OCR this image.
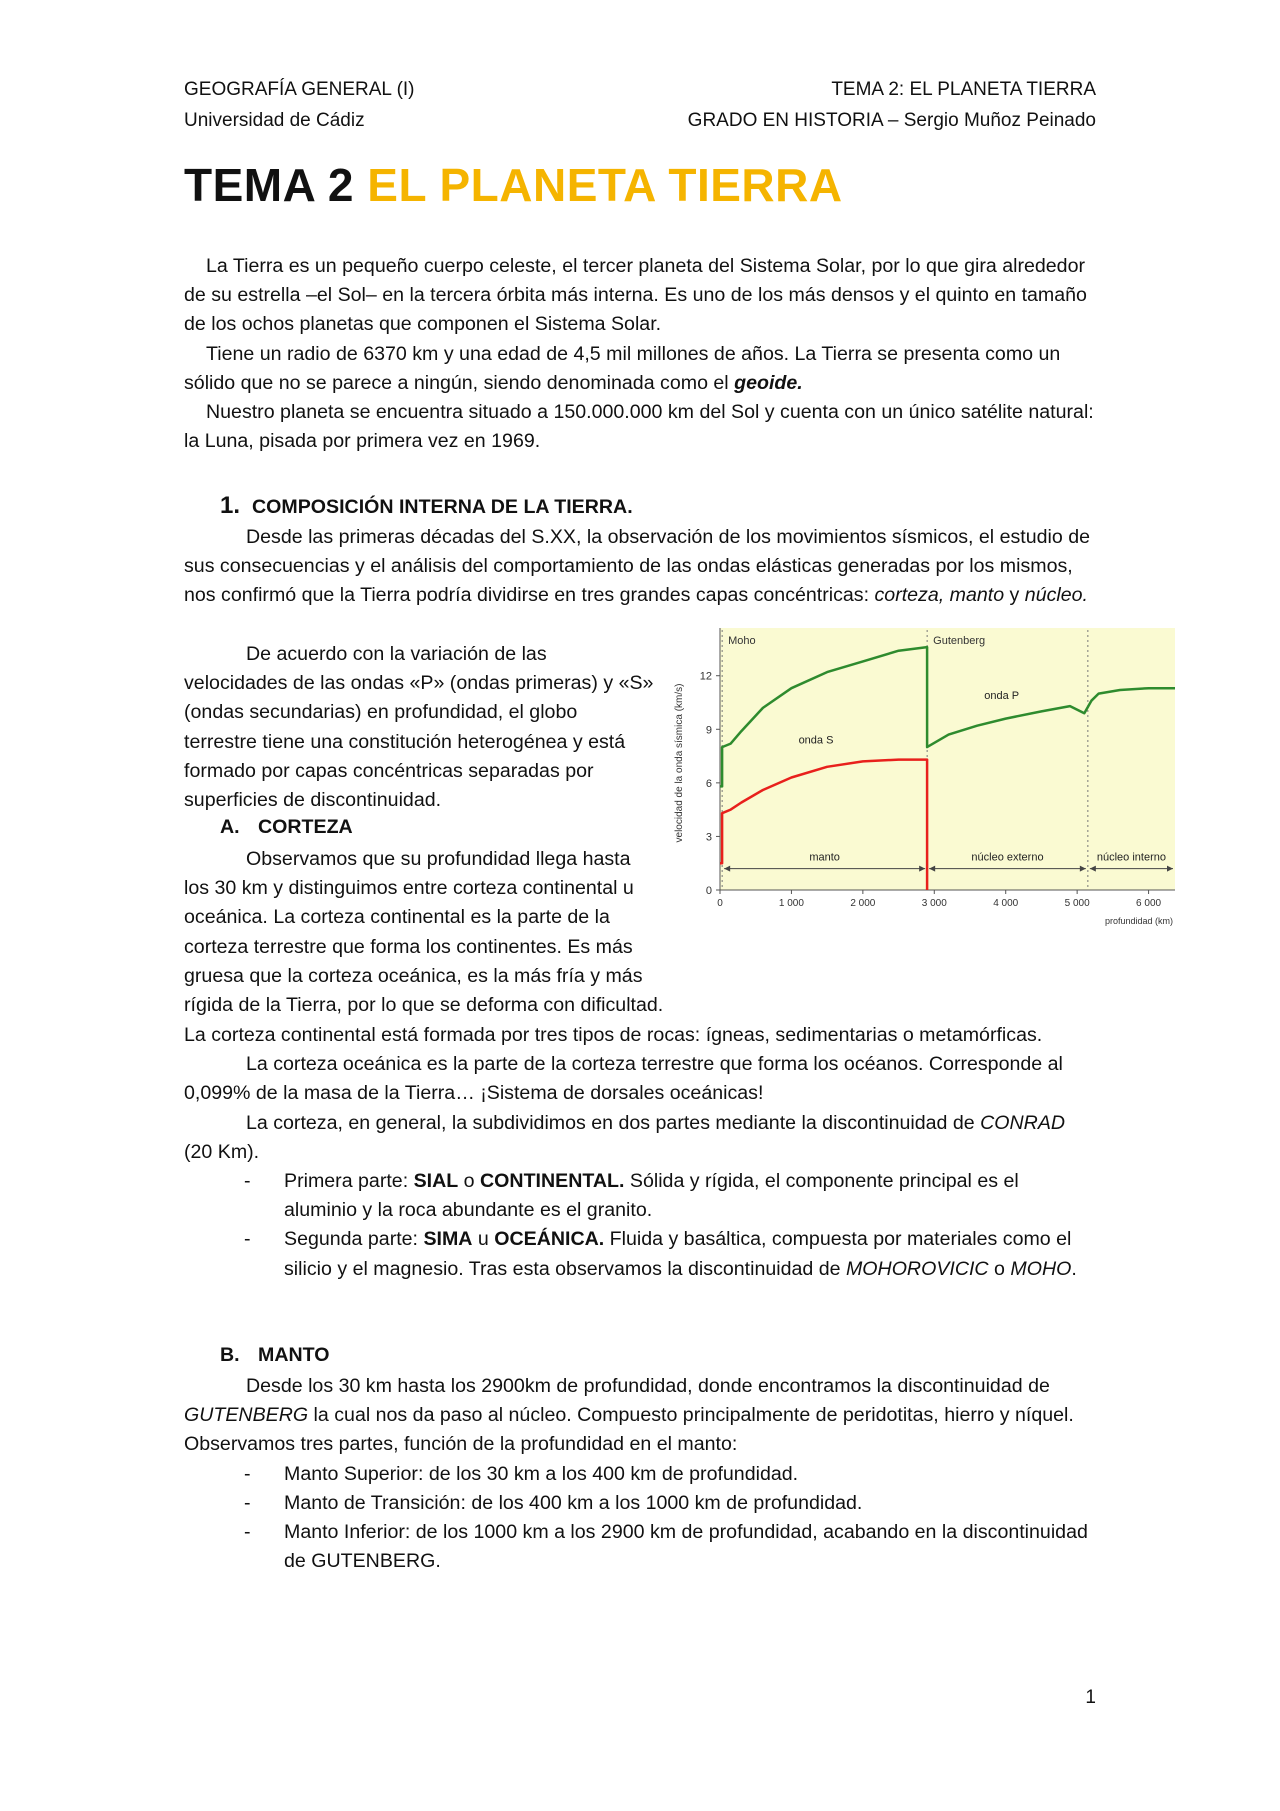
GEOGRAFÍA GENERAL (I)
Universidad de Cádiz
TEMA 2: EL PLANETA TIERRA
GRADO EN HISTORIA – Sergio Muñoz Peinado
TEMA 2 EL PLANETA TIERRA

La Tierra es un pequeño cuerpo celeste, el tercer planeta del Sistema Solar, por lo que gira alrededor de su estrella –el Sol– en la tercera órbita más interna. Es uno de los más densos y el quinto en tamaño de los ochos planetas que componen el Sistema Solar.

Tiene un radio de 6370 km y una edad de 4,5 mil millones de años. La Tierra se presenta como un sólido que no se parece a ningún, siendo denominada como el geoide.

Nuestro planeta se encuentra situado a 150.000.000 km del Sol y cuenta con un único satélite natural: la Luna, pisada por primera vez en 1969.

1. COMPOSICIÓN INTERNA DE LA TIERRA.

Desde las primeras décadas del S.XX, la observación de los movimientos sísmicos, el estudio de sus consecuencias y el análisis del comportamiento de las ondas elásticas generadas por los mismos, nos confirmó que la Tierra podría dividirse en tres grandes capas concéntricas: corteza, manto y núcleo.

De acuerdo con la variación de las velocidades de las ondas «P» (ondas primeras) y «S» (ondas secundarias) en profundidad, el globo terrestre tiene una constitución heterogénea y está formado por capas concéntricas separadas por superficies de discontinuidad.

A. CORTEZA

Observamos que su profundidad llega hasta los 30 km y distinguimos entre corteza continental u oceánica. La corteza continental es la parte de la corteza terrestre que forma los continentes. Es más gruesa que la corteza oceánica, es la más fría y más rígida de la Tierra, por lo que se deforma con dificultad.

Moho	Gutenberg
0
3
6
9
12
0	1 000	2 000	3 000	4 000	5 000	6 000
profundidad (km)
velocidad de la onda sísmica (km/s)
manto	núcleo externo	núcleo interno
onda P
onda S
1

La corteza continental está formada por tres tipos de rocas: ígneas, sedimentarias o metamórficas.

La corteza oceánica es la parte de la corteza terrestre que forma los océanos. Corresponde al 0,099% de la masa de la Tierra… ¡Sistema de dorsales oceánicas!

La corteza, en general, la subdividimos en dos partes mediante la discontinuidad de CONRAD (20 Km).

- Primera parte: SIAL o CONTINENTAL. Sólida y rígida, el componente principal es el aluminio y la roca abundante es el granito.
- Segunda parte: SIMA u OCEÁNICA. Fluida y basáltica, compuesta por materiales como el silicio y el magnesio. Tras esta observamos la discontinuidad de MOHOROVICIC o MOHO.
B. MANTO

Desde los 30 km hasta los 2900km de profundidad, donde encontramos la discontinuidad de GUTENBERG la cual nos da paso al núcleo. Compuesto principalmente de peridotitas, hierro y níquel. Observamos tres partes, función de la profundidad en el manto:

- Manto Superior: de los 30 km a los 400 km de profundidad.
- Manto de Transición: de los 400 km a los 1000 km de profundidad.
- Manto Inferior: de los 1000 km a los 2900 km de profundidad, acabando en la discontinuidad de GUTENBERG.
